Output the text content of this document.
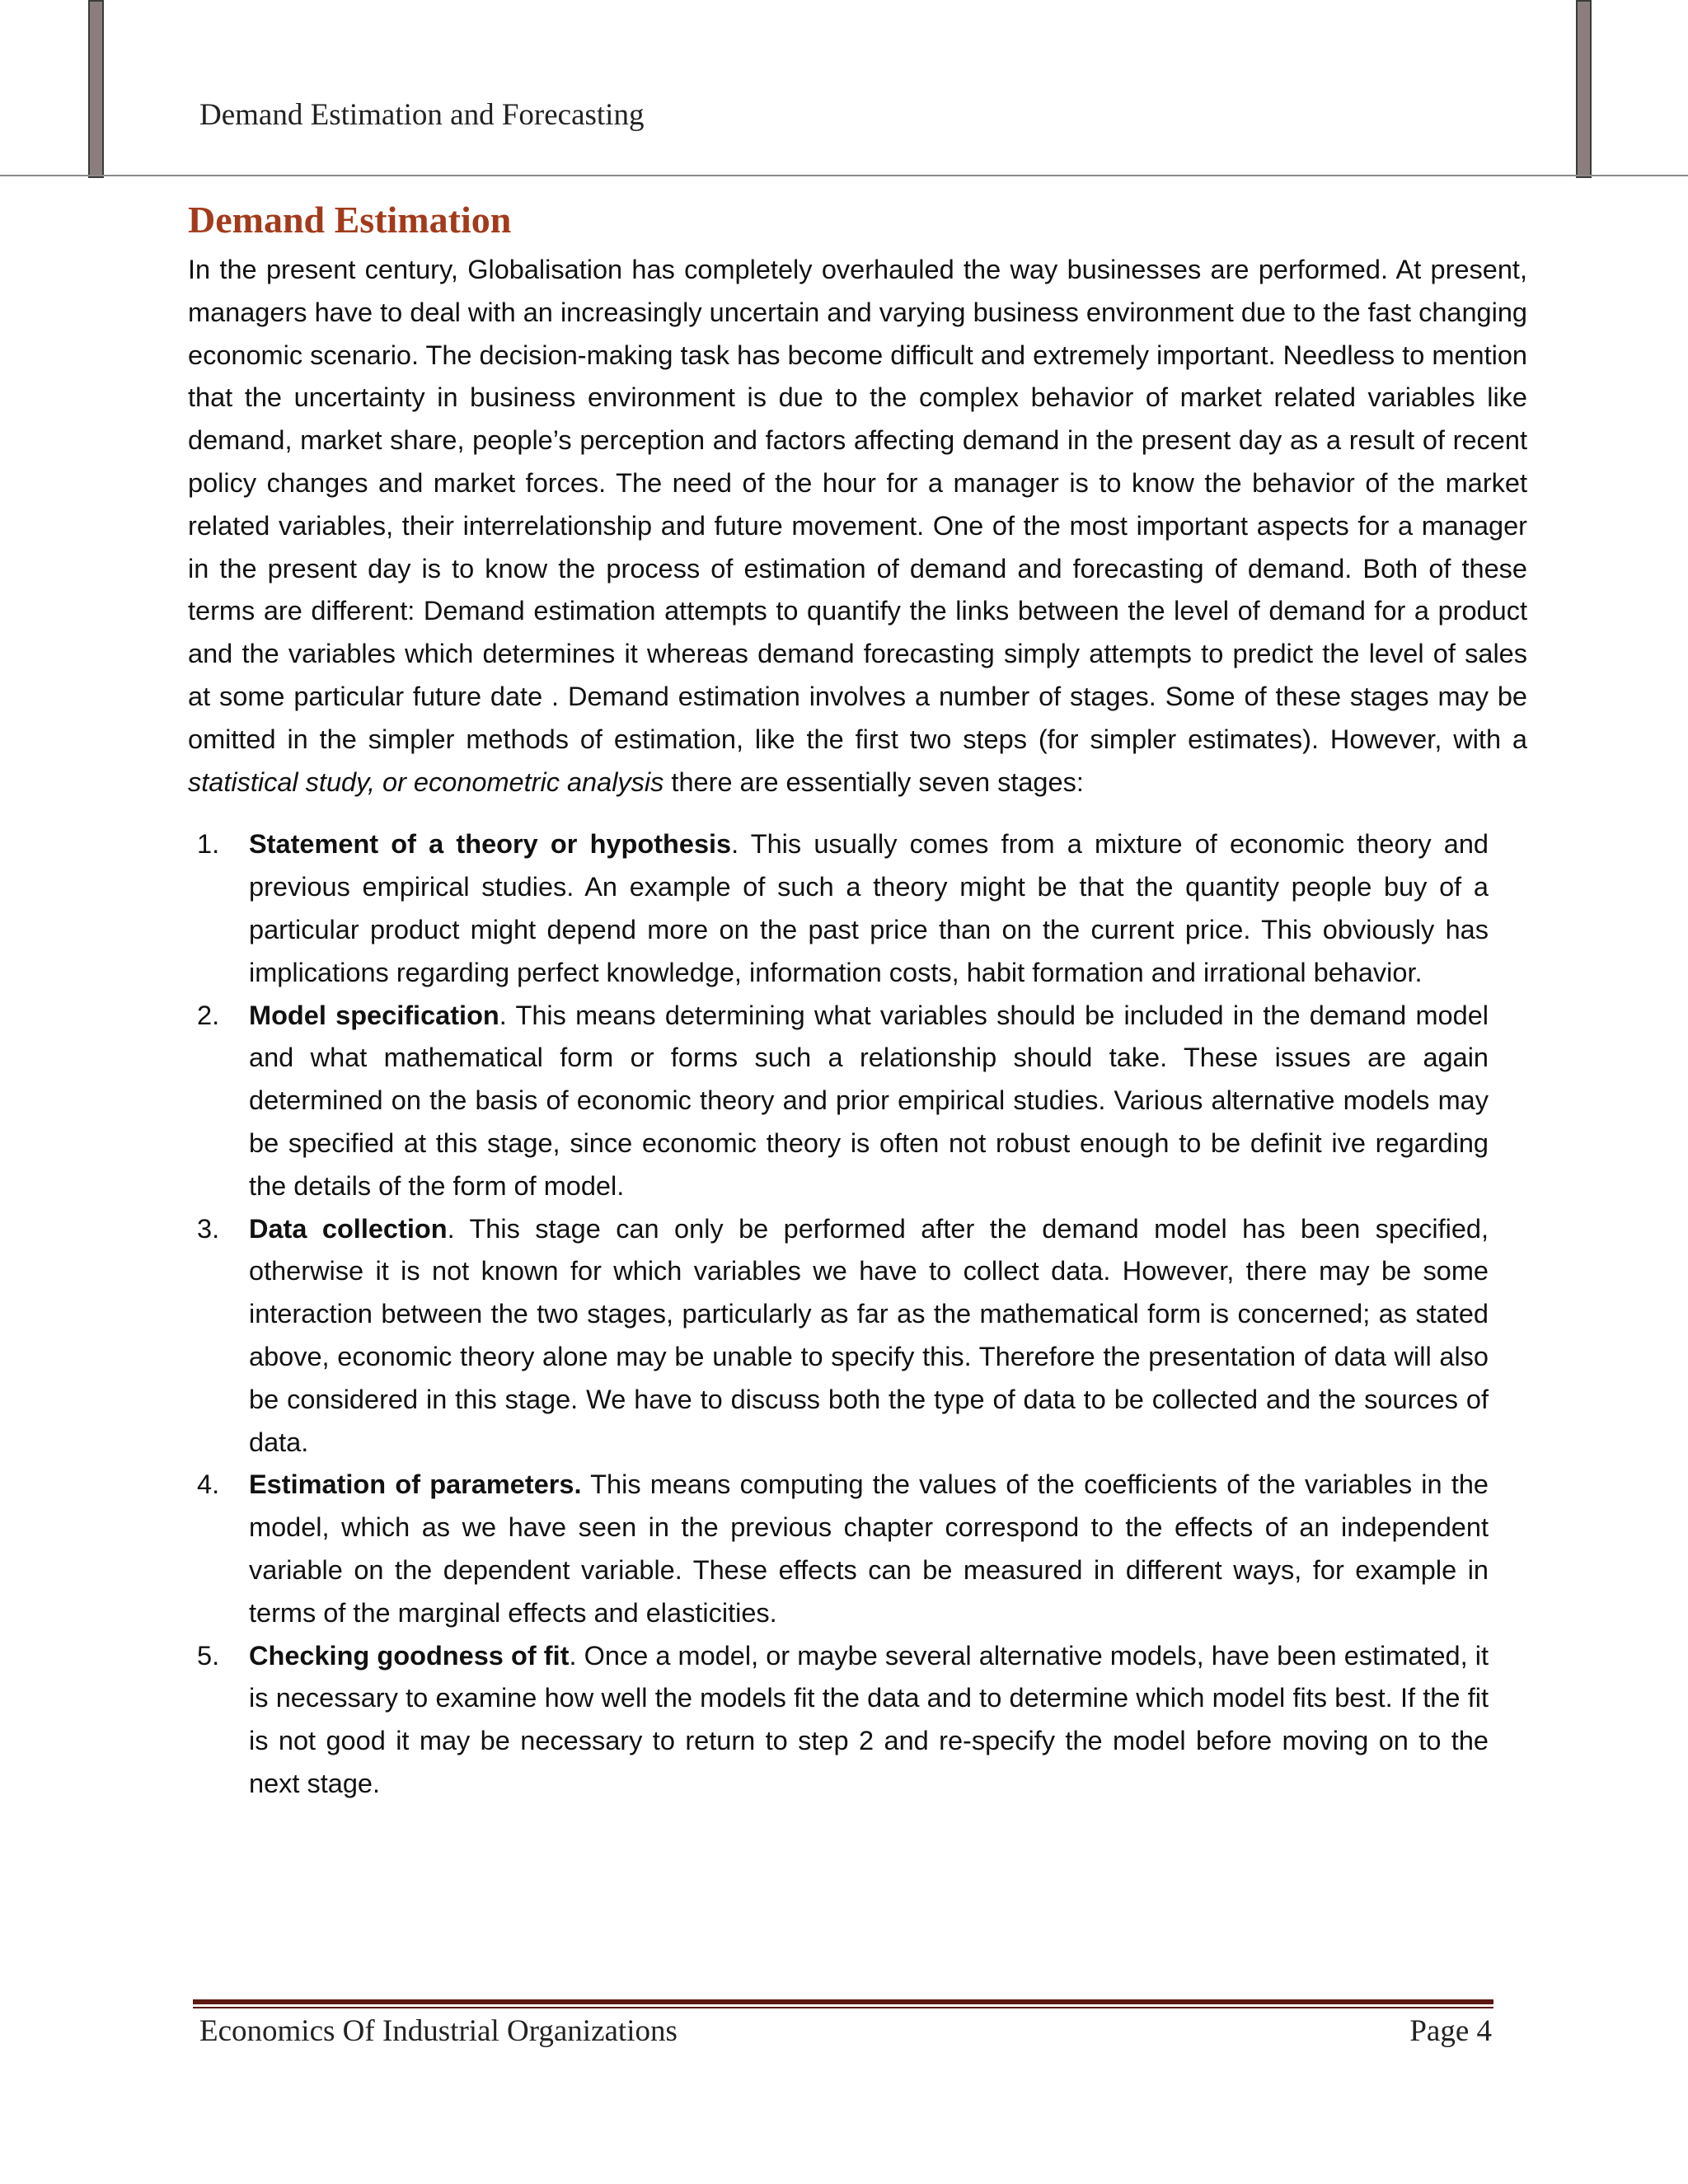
Demand Estimation and Forecasting
Demand Estimation

In the present century, Globalisation has completely overhauled the way businesses are performed. At present, managers have to deal with an increasingly uncertain and varying business environment due to the fast changing economic scenario. The decision-making task has become difficult and extremely important. Needless to mention that the uncertainty in business environment is due to the complex behavior of market related variables like demand, market share, people’s perception and factors affecting demand in the present day as a result of recent policy changes and market forces. The need of the hour for a manager is to know the behavior of the market related variables, their interrelationship and future movement. One of the most important aspects for a manager in the present day is to know the process of estimation of demand and forecasting of demand. Both of these terms are different: Demand estimation attempts to quantify the links between the level of demand for a product and the variables which determines it whereas demand forecasting simply attempts to predict the level of sales at some particular future date . Demand estimation involves a number of stages. Some of these stages may be omitted in the simpler methods of estimation, like the first two steps (for simpler estimates). However, with a statistical study, or econometric analysis there are essentially seven stages:

1. Statement of a theory or hypothesis. This usually comes from a mixture of economic theory and previous empirical studies. An example of such a theory might be that the quantity people buy of a particular product might depend more on the past price than on the current price. This obviously has implications regarding perfect knowledge, information costs, habit formation and irrational behavior.
2. Model specification. This means determining what variables should be included in the demand model and what mathematical form or forms such a relationship should take. These issues are again determined on the basis of economic theory and prior empirical studies. Various alternative models may be specified at this stage, since economic theory is often not robust enough to be definit ive regarding the details of the form of model.
3. Data collection. This stage can only be performed after the demand model has been specified, otherwise it is not known for which variables we have to collect data. However, there may be some interaction between the two stages, particularly as far as the mathematical form is concerned; as stated above, economic theory alone may be unable to specify this. Therefore the presentation of data will also be considered in this stage. We have to discuss both the type of data to be collected and the sources of data.
4. Estimation of parameters. This means computing the values of the coefficients of the variables in the model, which as we have seen in the previous chapter correspond to the effects of an independent variable on the dependent variable. These effects can be measured in different ways, for example in terms of the marginal effects and elasticities.
5. Checking goodness of fit. Once a model, or maybe several alternative models, have been estimated, it is necessary to examine how well the models fit the data and to determine which model fits best. If the fit is not good it may be necessary to return to step 2 and re-specify the model before moving on to the next stage.
Economics Of Industrial Organizations	Page 4
